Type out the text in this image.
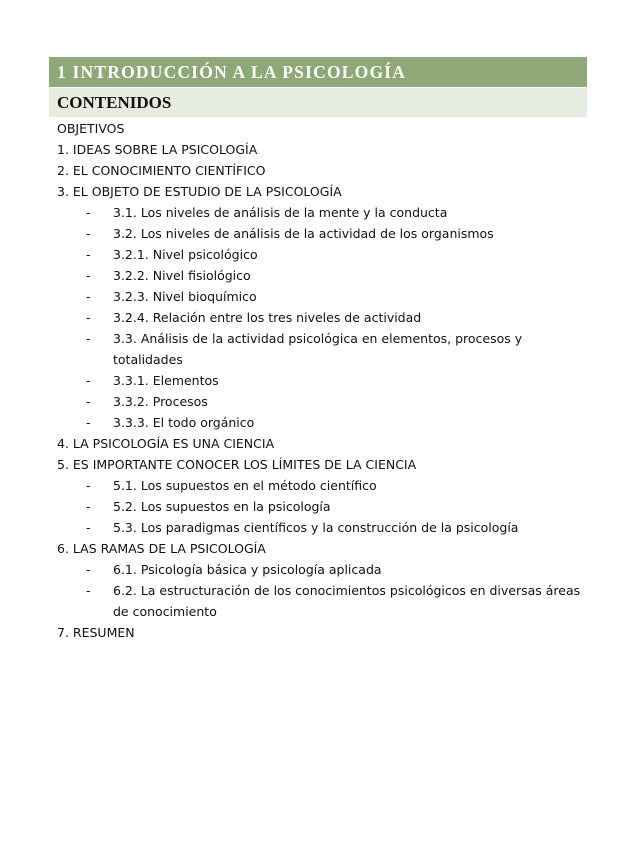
1 INTRODUCCIÓN A LA PSICOLOGÍA
CONTENIDOS
OBJETIVOS
1. IDEAS SOBRE LA PSICOLOGÍA
2. EL CONOCIMIENTO CIENTÍFICO
3. EL OBJETO DE ESTUDIO DE LA PSICOLOGÍA
- 3.1. Los niveles de análisis de la mente y la conducta
- 3.2. Los niveles de análisis de la actividad de los organismos
- 3.2.1. Nivel psicológico
- 3.2.2. Nivel fisiológico
- 3.2.3. Nivel bioquímico
- 3.2.4. Relación entre los tres niveles de actividad
- 3.3. Análisis de la actividad psicológica en elementos, procesos y totalidades
- 3.3.1. Elementos
- 3.3.2. Procesos
- 3.3.3. El todo orgánico
4. LA PSICOLOGÍA ES UNA CIENCIA
5. ES IMPORTANTE CONOCER LOS LÍMITES DE LA CIENCIA
- 5.1. Los supuestos en el método científico
- 5.2. Los supuestos en la psicología
- 5.3. Los paradigmas científicos y la construcción de la psicología
6. LAS RAMAS DE LA PSICOLOGÍA
- 6.1. Psicología básica y psicología aplicada
- 6.2. La estructuración de los conocimientos psicológicos en diversas áreas de conocimiento
7. RESUMEN
